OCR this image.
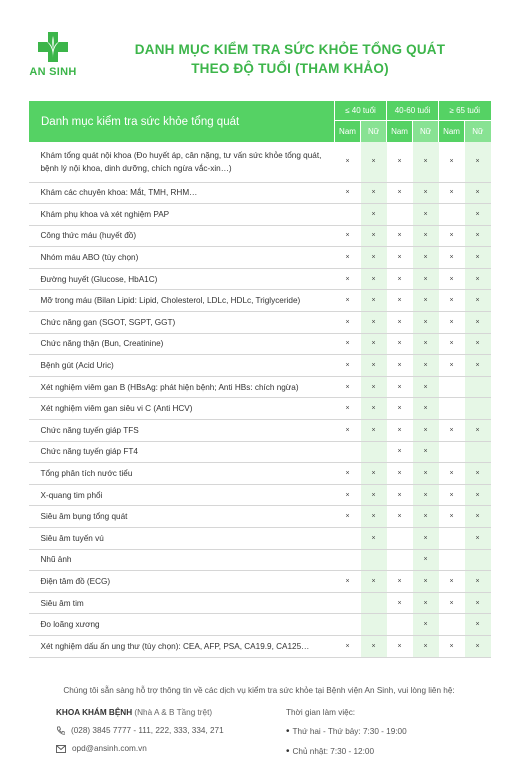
AN SINH
DANH MỤC KIỂM TRA SỨC KHỎE TỔNG QUÁT
THEO ĐỘ TUỔI (THAM KHẢO)
Danh mục kiểm tra sức khỏe tổng quát	≤ 40 tuổi		40-60 tuổi		≥ 65 tuổi	
	Nam	Nữ	Nam	Nữ	Nam	Nữ
Khám tổng quát nội khoa (Đo huyết áp, cân nặng, tư vấn sức khỏe tổng quát, bệnh lý nội khoa, dinh dưỡng, chích ngừa vắc-xin…)	×	×	×	×	×	×
Khám các chuyên khoa: Mắt, TMH, RHM…	×	×	×	×	×	×
Khám phụ khoa và xét nghiệm PAP		×		×		×
Công thức máu (huyết đồ)	×	×	×	×	×	×
Nhóm máu ABO (tùy chọn)	×	×	×	×	×	×
Đường huyết (Glucose, HbA1C)	×	×	×	×	×	×
Mỡ trong máu (Bilan Lipid: Lipid, Cholesterol, LDLc, HDLc, Triglyceride)	×	×	×	×	×	×
Chức năng gan (SGOT, SGPT, GGT)	×	×	×	×	×	×
Chức năng thận (Bun, Creatinine)	×	×	×	×	×	×
Bệnh gút (Acid Uric)	×	×	×	×	×	×
Xét nghiệm viêm gan B (HBsAg: phát hiện bệnh; Anti HBs: chích ngừa)	×	×	×	×		
Xét nghiệm viêm gan siêu vi C (Anti HCV)	×	×	×	×		
Chức năng tuyến giáp TFS	×	×	×	×	×	×
Chức năng tuyến giáp FT4			×	×		
Tổng phân tích nước tiểu	×	×	×	×	×	×
X-quang tim phổi	×	×	×	×	×	×
Siêu âm bụng tổng quát	×	×	×	×	×	×
Siêu âm tuyến vú		×		×		×
Nhũ ảnh				×		
Điện tâm đồ (ECG)	×	×	×	×	×	×
Siêu âm tim			×	×	×	×
Đo loãng xương				×		×
Xét nghiệm dấu ấn ung thư (tùy chọn): CEA, AFP, PSA, CA19.9, CA125…	×	×	×	×	×	×
Chúng tôi sẵn sàng hỗ trợ thông tin về các dịch vụ kiểm tra sức khỏe tại Bệnh viện An Sinh, vui lòng liên hệ:
KHOA KHÁM BỆNH (Nhà A & B Tầng trệt)
(028) 3845 7777 - 111, 222, 333, 334, 271
opd@ansinh.com.vn
Thời gian làm việc:
• Thứ hai - Thứ bảy: 7:30 - 19:00
• Chủ nhật: 7:30 - 12:00
